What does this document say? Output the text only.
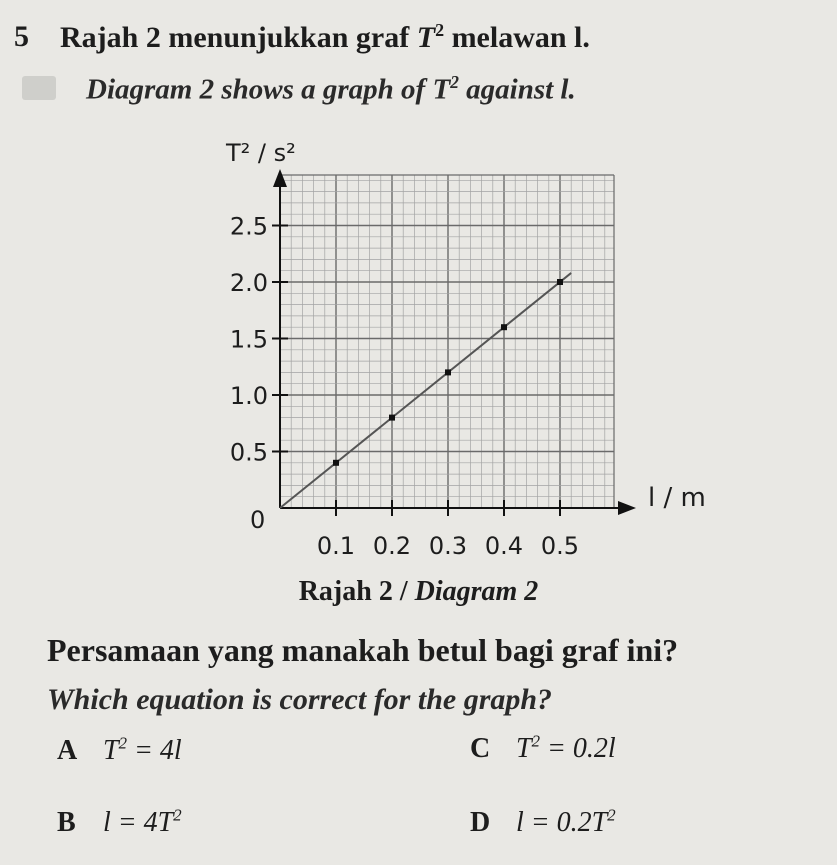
5 Rajah 2 menunjukkan graf $T^2$ melawan l.
Diagram 2 shows a graph of $T^2$ against l.
0.5
1.0
1.5
2.0
2.5
0.1 0.2 0.3 0.4 0.5
T² / s²
l / m
0
Rajah 2 / Diagram 2
Persamaan yang manakah betul bagi graf ini?
Which equation is correct for the graph?
A $T^2 = 4l$
B $l = 4T^2$
C $T^2 = 0.2l$
D $l = 0.2T^2$
